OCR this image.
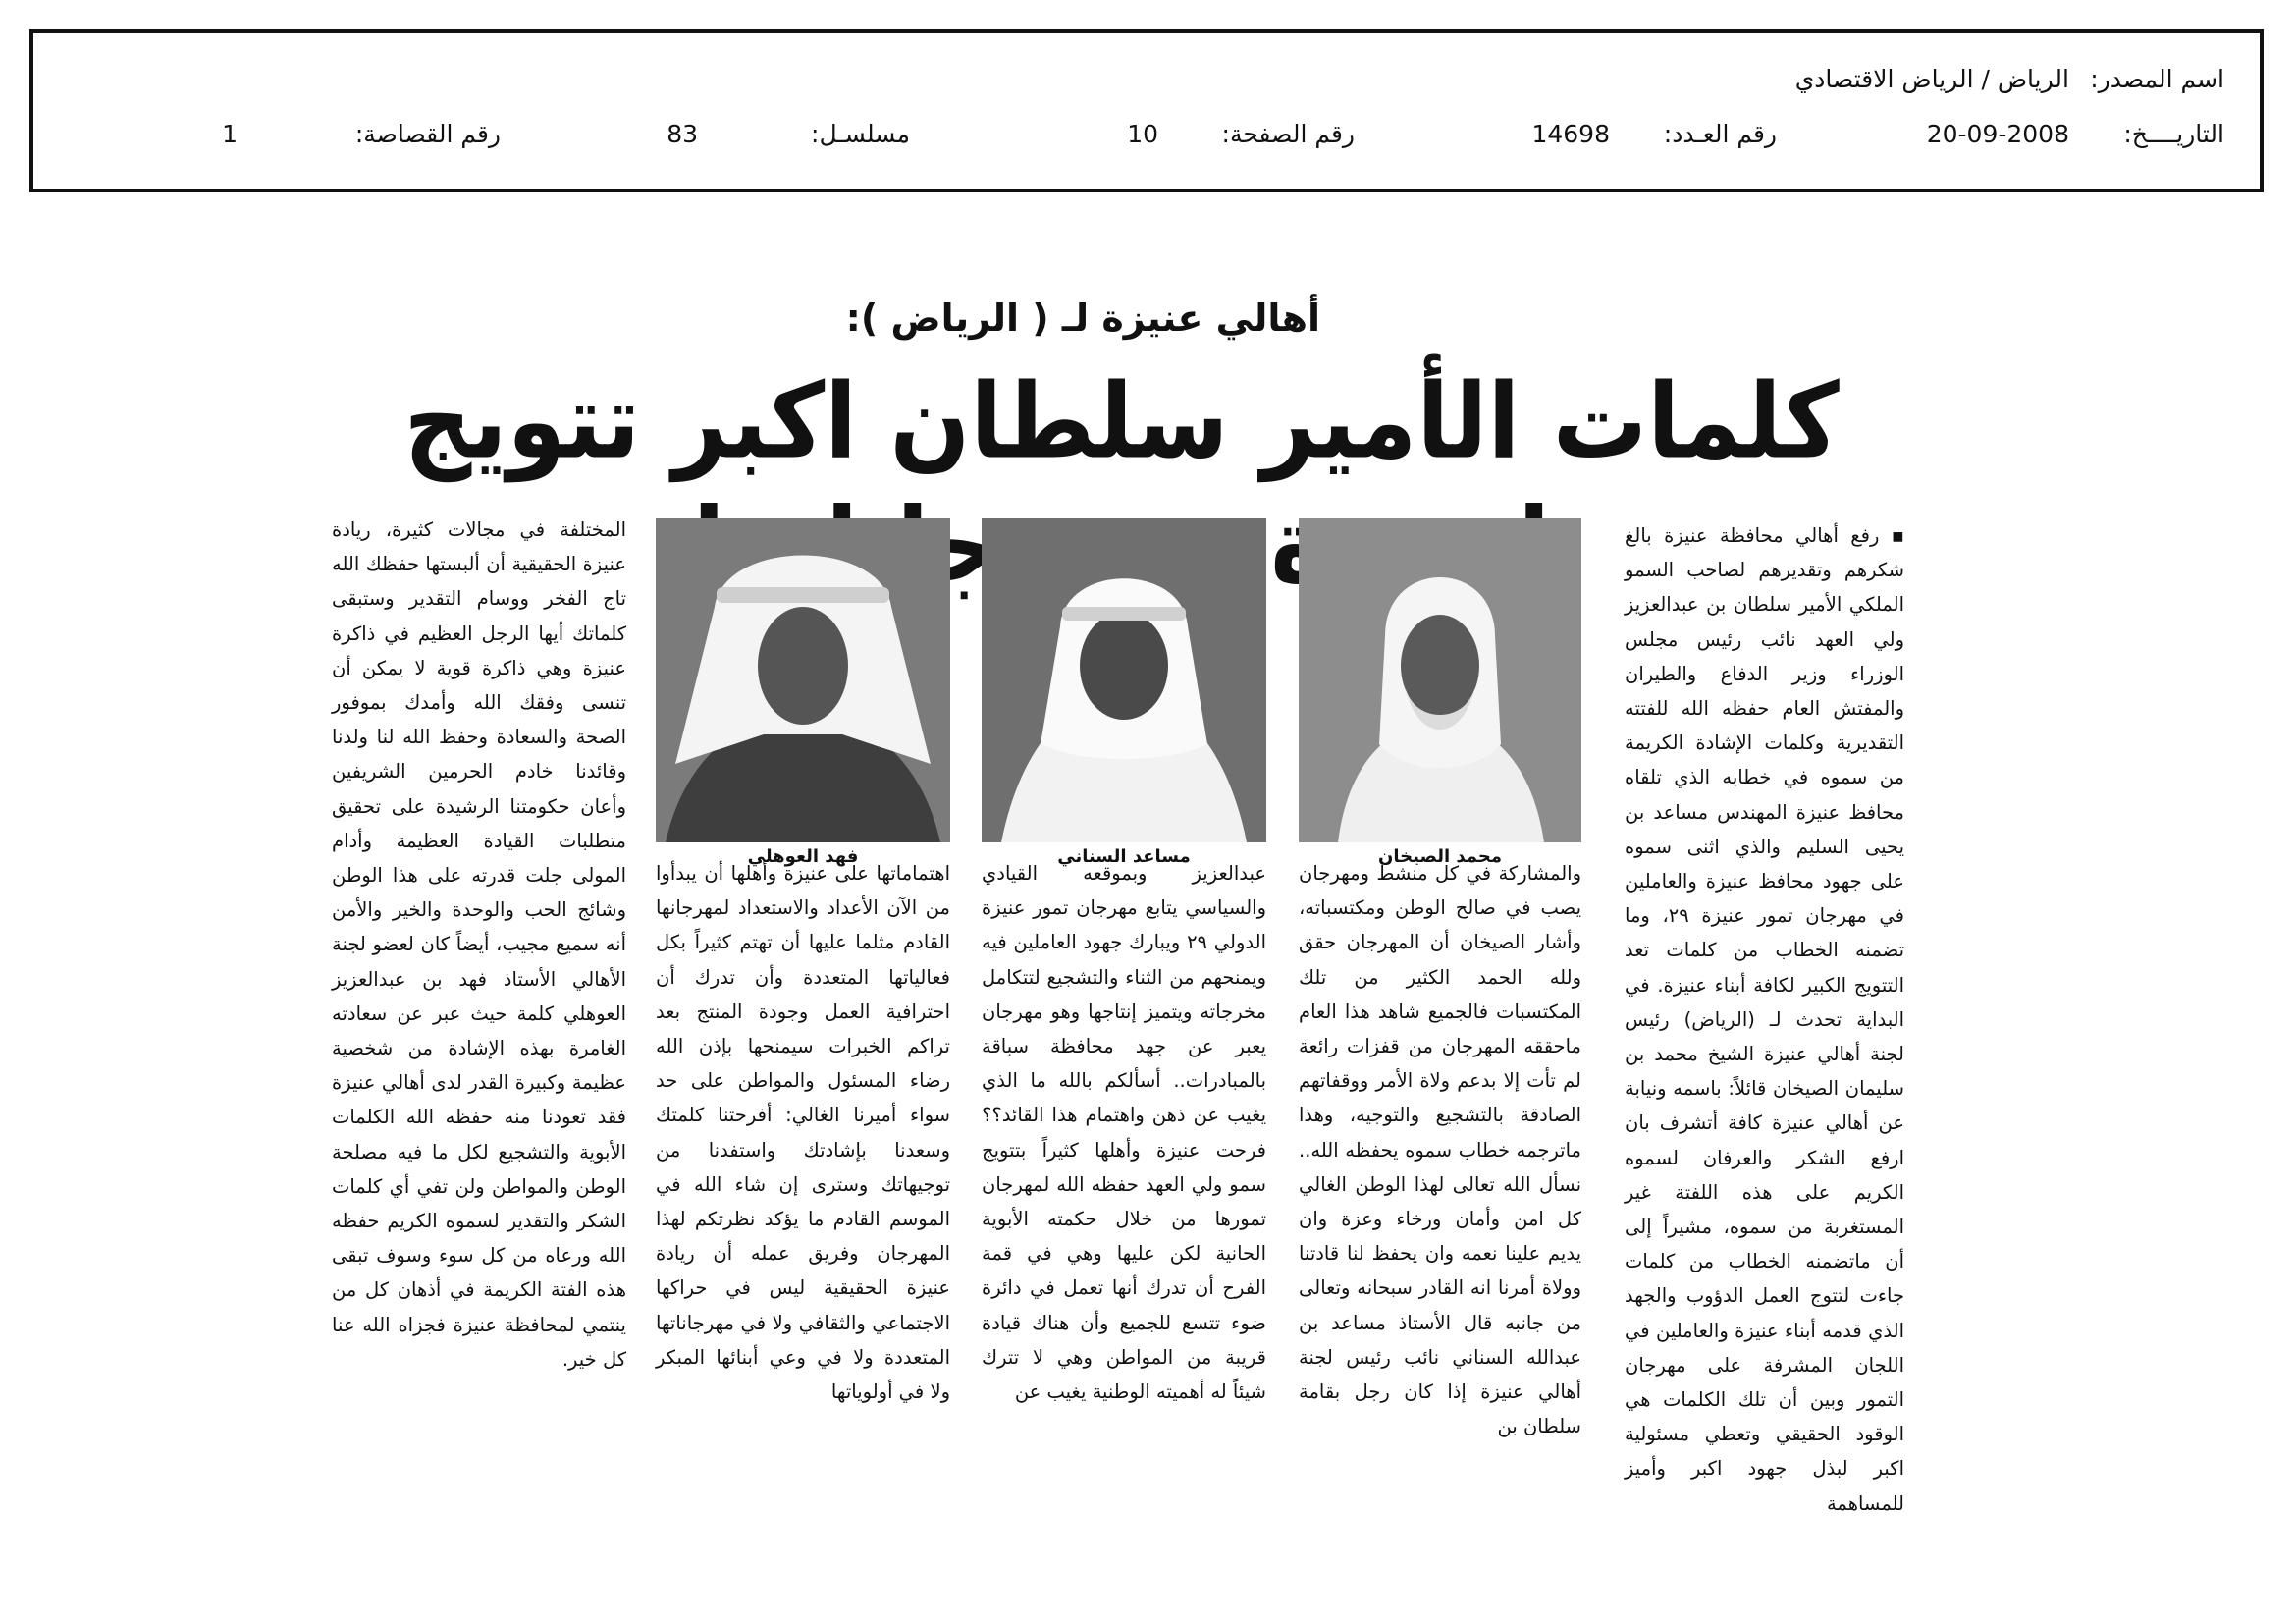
اسم المصدر:
الرياض / الرياض الاقتصادي
التاريــــخ:
20-09-2008
رقم العـدد:
14698
رقم الصفحة:
10
مسلسـل:
83
رقم القصاصة:
1
أهالي عنيزة لـ ( الرياض ):
كلمات الأمير سلطان اكبر تتويج ومهرجاناتها
محمد الصيخان
مساعد السناني
فهد العوهلي

▪ رفع أهالي محافظة عنيزة بالغ شكرهم وتقديرهم لصاحب السمو الملكي الأمير سلطان بن عبدالعزيز ولي العهد نائب رئيس مجلس الوزراء وزير الدفاع والطيران والمفتش العام حفظه الله للفتته التقديرية وكلمات الإشادة الكريمة من سموه في خطابه الذي تلقاه محافظ عنيزة المهندس مساعد بن يحيى السليم والذي اثنى سموه على جهود محافظ عنيزة والعاملين في مهرجان تمور عنيزة ٢٩، وما تضمنه الخطاب من كلمات تعد التتويج الكبير لكافة أبناء عنيزة. في البداية تحدث لـ (الرياض) رئيس لجنة أهالي عنيزة الشيخ محمد بن سليمان الصيخان قائلاً: باسمه ونيابة عن أهالي عنيزة كافة أتشرف بان ارفع الشكر والعرفان لسموه الكريم على هذه اللفتة غير المستغربة من سموه، مشيراً إلى أن ماتضمنه الخطاب من كلمات جاءت لتتوج العمل الدؤوب والجهد الذي قدمه أبناء عنيزة والعاملين في اللجان المشرفة على مهرجان التمور وبين أن تلك الكلمات هي الوقود الحقيقي وتعطي مسئولية اكبر لبذل جهود اكبر وأميز للمساهمة

والمشاركة في كل منشط ومهرجان يصب في صالح الوطن ومكتسباته، وأشار الصيخان أن المهرجان حقق ولله الحمد الكثير من تلك المكتسبات فالجميع شاهد هذا العام ماحققه المهرجان من قفزات رائعة لم تأت إلا بدعم ولاة الأمر ووقفاتهم الصادقة بالتشجيع والتوجيه، وهذا ماترجمه خطاب سموه يحفظه الله.. نسأل الله تعالى لهذا الوطن الغالي كل امن وأمان ورخاء وعزة وان يديم علينا نعمه وان يحفظ لنا قادتنا وولاة أمرنا انه القادر سبحانه وتعالى من جانبه قال الأستاذ مساعد بن عبدالله السناني نائب رئيس لجنة أهالي عنيزة إذا كان رجل بقامة سلطان بن

عبدالعزيز وبموقعه القيادي والسياسي يتابع مهرجان تمور عنيزة الدولي ٢٩ ويبارك جهود العاملين فيه ويمنحهم من الثناء والتشجيع لتتكامل مخرجاته ويتميز إنتاجها وهو مهرجان يعبر عن جهد محافظة سباقة بالمبادرات.. أسألكم بالله ما الذي يغيب عن ذهن واهتمام هذا القائد؟؟ فرحت عنيزة وأهلها كثيراً بتتويج سمو ولي العهد حفظه الله لمهرجان تمورها من خلال حكمته الأبوية الحانية لكن عليها وهي في قمة الفرح أن تدرك أنها تعمل في دائرة ضوء تتسع للجميع وأن هناك قيادة قريبة من المواطن وهي لا تترك شيئاً له أهميته الوطنية يغيب عن

اهتماماتها على عنيزة وأهلها أن يبدأوا من الآن الأعداد والاستعداد لمهرجانها القادم مثلما عليها أن تهتم كثيراً بكل فعالياتها المتعددة وأن تدرك أن احترافية العمل وجودة المنتج بعد تراكم الخبرات سيمنحها بإذن الله رضاء المسئول والمواطن على حد سواء أميرنا الغالي: أفرحتنا كلمتك وسعدنا بإشادتك واستفدنا من توجيهاتك وسترى إن شاء الله في الموسم القادم ما يؤكد نظرتكم لهذا المهرجان وفريق عمله أن ريادة عنيزة الحقيقية ليس في حراكها الاجتماعي والثقافي ولا في مهرجاناتها المتعددة ولا في وعي أبنائها المبكر ولا في أولوياتها

المختلفة في مجالات كثيرة، ريادة عنيزة الحقيقية أن ألبستها حفظك الله تاج الفخر ووسام التقدير وستبقى كلماتك أيها الرجل العظيم في ذاكرة عنيزة وهي ذاكرة قوية لا يمكن أن تنسى وفقك الله وأمدك بموفور الصحة والسعادة وحفظ الله لنا ولدنا وقائدنا خادم الحرمين الشريفين وأعان حكومتنا الرشيدة على تحقيق متطلبات القيادة العظيمة وأدام المولى جلت قدرته على هذا الوطن وشائج الحب والوحدة والخير والأمن أنه سميع مجيب، أيضاً كان لعضو لجنة الأهالي الأستاذ فهد بن عبدالعزيز العوهلي كلمة حيث عبر عن سعادته الغامرة بهذه الإشادة من شخصية عظيمة وكبيرة القدر لدى أهالي عنيزة فقد تعودنا منه حفظه الله الكلمات الأبوية والتشجيع لكل ما فيه مصلحة الوطن والمواطن ولن تفي أي كلمات الشكر والتقدير لسموه الكريم حفظه الله ورعاه من كل سوء وسوف تبقى هذه الفتة الكريمة في أذهان كل من ينتمي لمحافظة عنيزة فجزاه الله عنا كل خير.
